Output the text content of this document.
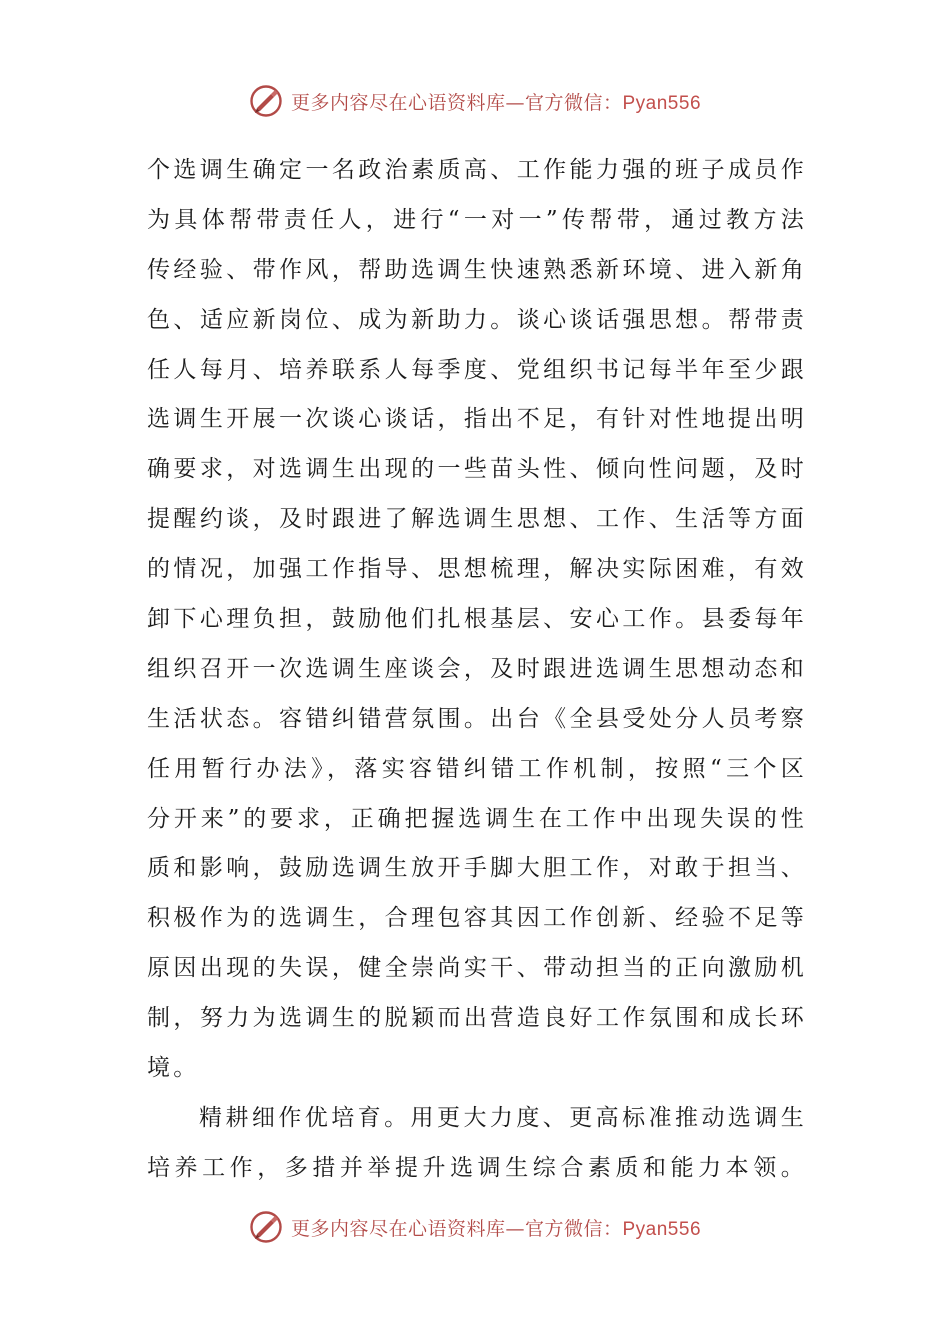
更多内容尽在心语资料库—官方微信：Pyan556
个选调生确定一名政治素质高、工作能力强的班子成员作
为具体帮带责任人，进行“一对一”传帮带，通过教方法
传经验、带作风，帮助选调生快速熟悉新环境、进入新角
色、适应新岗位、成为新助力。谈心谈话强思想。帮带责
任人每月、培养联系人每季度、党组织书记每半年至少跟
选调生开展一次谈心谈话，指出不足，有针对性地提出明
确要求，对选调生出现的一些苗头性、倾向性问题，及时
提醒约谈，及时跟进了解选调生思想、工作、生活等方面
的情况，加强工作指导、思想梳理，解决实际困难，有效
卸下心理负担，鼓励他们扎根基层、安心工作。县委每年
组织召开一次选调生座谈会，及时跟进选调生思想动态和
生活状态。容错纠错营氛围。出台《全县受处分人员考察
任用暂行办法》，落实容错纠错工作机制，按照“三个区
分开来”的要求，正确把握选调生在工作中出现失误的性
质和影响，鼓励选调生放开手脚大胆工作，对敢于担当、
积极作为的选调生，合理包容其因工作创新、经验不足等
原因出现的失误，健全崇尚实干、带动担当的正向激励机
制，努力为选调生的脱颖而出营造良好工作氛围和成长环
境。
精耕细作优培育。用更大力度、更高标准推动选调生
培养工作，多措并举提升选调生综合素质和能力本领。
更多内容尽在心语资料库—官方微信：Pyan556
